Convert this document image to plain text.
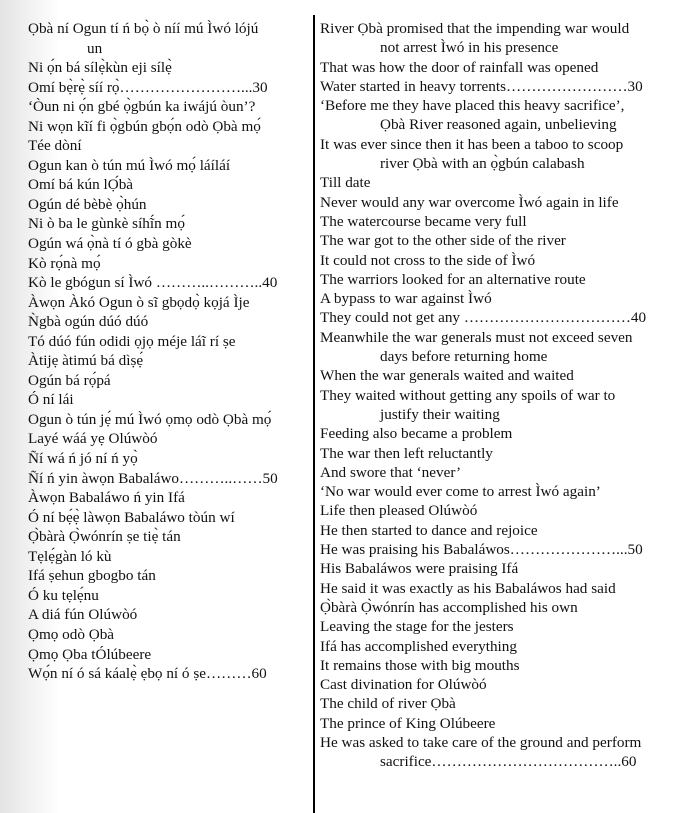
Ọbà ní Ogun tí ń bọ̀ ò níí mú Ìwó lójú
un
Ni ọ́n bá sílẹ̀kùn eji sílẹ̀
Omí bẹ̀rẹ̀ síí rọ̀……………………...30
‘Òun ni ọ́n gbé ọ̀gbún ka iwájú òun’?
Ni wọn kĩí fi ọ̀gbún gbọ́n odò Ọbà mọ́
Tée dòní
Ogun kan ò tún mú Ìwó mọ́ láíláí
Omí bá kún lỌ́bà
Ogún dé bèbè ọ̀hún
Ni ò ba le gùnkè síhĩ́n mọ́
Ogún wá ọ̀nà tí ó gbà gòkè
Kò rọ́nà mọ́
Kò le gbógun sí Ìwó ………..………..40
Àwọn Àkó Ogun ò sĩ gbọdọ̀ kọjá Ìje
Ǹgbà ogún dúó dúó
Tó dúó fún odidi ọjọ méje láĩ rí ṣe
Àtijẹ àtimú bá dìṣẹ́
Ogún bá rọ́pá
Ó ní lái
Ogun ò tún jẹ́ mú Ìwó ọmọ odò Ọbà mọ́
Layé wáá yẹ Olúwòó
Ñí wá ń jó ní ń yọ̀
Ñí ń yin àwọn Babaláwo………..……50
Àwọn Babaláwo ń yin Ifá
Ó ní bẹ́ẹ̀ làwọn Babaláwo tòún wí
Ọ̀bàrà Ọ̀wónrín ṣe tiẹ̀ tán
Tẹlẹ́gàn ló kù
Ifá ṣehun gbogbo tán
Ó ku tẹlẹ́nu
A diá fún Olúwòó
Ọmọ odò Ọbà
Ọmọ Ọba tÓlúbeere
Wọ́n ní ó sá káalẹ̀ ẹbọ ní ó ṣe………60
River Ọbà promised that the impending war would
not arrest Ìwó in his presence
That was how the door of rainfall was opened
Water started in heavy torrents……………………30
‘Before me they have placed this heavy sacrifice’,
Ọbà River reasoned again, unbelieving
It was ever since then it has been a taboo to scoop
river Ọbà with an ọ̀gbún calabash
Till date
Never would any war overcome Ìwó again in life
The watercourse became very full
The war got to the other side of the river
It could not cross to the side of Ìwó
The warriors looked for an alternative route
A bypass to war against Ìwó
They could not get any ……………………………40
Meanwhile the war generals must not exceed seven
days before returning home
When the war generals waited and waited
They waited without getting any spoils of war to
justify their waiting
Feeding also became a problem
The war then left reluctantly
And swore that ‘never’
‘No war would ever come to arrest Ìwó again’
Life then pleased Olúwòó
He then started to dance and rejoice
He was praising his Babaláwos…………………...50
His Babaláwos were praising Ifá
He said it was exactly as his Babaláwos had said
Ọ̀bàrà Ọ̀wónrín has accomplished his own
Leaving the stage for the jesters
Ifá has accomplished everything
It remains those with big mouths
Cast divination for Olúwòó
The child of river Ọbà
The prince of King Olúbeere
He was asked to take care of the ground and perform
sacrifice………………………………..60
